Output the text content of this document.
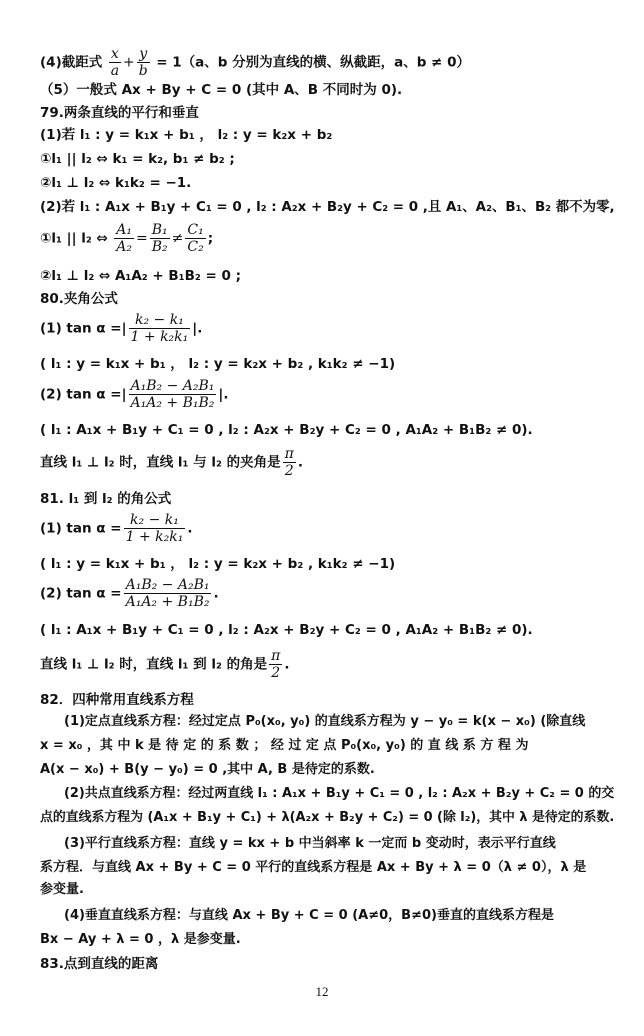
(4)截距式 $\frac{x}{a} + \frac{y}{b} = 1(a$、b 分别为直线的横、纵截距，a、b ≠ 0）
（5）一般式 Ax + By + C = 0 (其中 A、B 不同时为 0).
79.两条直线的平行和垂直
(1)若 l₁ : y = k₁x + b₁ ， l₂ : y = k₂x + b₂
①l₁ || l₂ ⇔ k₁ = k₂, b₁ ≠ b₂ ;
②l₁ ⊥ l₂ ⇔ k₁k₂ = −1.
(2)若 l₁ : A₁x + B₁y + C₁ = 0 , l₂ : A₂x + B₂y + C₂ = 0 ,且 A₁、A₂、B₁、B₂ 都不为零,
①l₁ || l₂ ⇔ $\frac{\text{A₁}}{\text{A₂}} = \frac{\text{B₁}}{\text{B₂}} \ne \frac{\text{C₁}}{\text{C₂}}$ ;
②l₁ ⊥ l₂ ⇔ A₁A₂ + B₁B₂ = 0 ;
80.夹角公式
(1) tan α =| $\frac{\text{k₂ − k₁}}{\text{1 + k₂k₁}}$ |.
( l₁ : y = k₁x + b₁ ， l₂ : y = k₂x + b₂ , k₁k₂ ≠ −1)
(2) tan α =| $\frac{\text{A₁B₂ − A₂B₁}}{\text{A₁A₂ + B₁B₂}}$ |.
( l₁ : A₁x + B₁y + C₁ = 0 , l₂ : A₂x + B₂y + C₂ = 0 , A₁A₂ + B₁B₂ ≠ 0).
直线 l₁ ⊥ l₂ 时，直线 l₁ 与 l₂ 的夹角是 $\frac{\pi}{2}$ .
81. l₁ 到 l₂ 的角公式
(1) $\tan \alpha = \frac{\text{k₂ − k₁}}{\text{1 + k₂k₁}}$ .
( l₁ : y = k₁x + b₁ ， l₂ : y = k₂x + b₂ , k₁k₂ ≠ −1)
(2) $\tan \alpha = \frac{\text{A₁B₂ − A₂B₁}}{\text{A₁A₂ + B₁B₂}}$ .
( l₁ : A₁x + B₁y + C₁ = 0 , l₂ : A₂x + B₂y + C₂ = 0 , A₁A₂ + B₁B₂ ≠ 0).
直线 l₁ ⊥ l₂ 时，直线 l₁ 到 l₂ 的角是 $\frac{\pi}{2}$ .
82．四种常用直线系方程
(1)定点直线系方程：经过定点 P₀(x₀, y₀) 的直线系方程为 y − y₀ = k(x − x₀) (除直线
x = x₀ ，其 中 k 是 待 定 的 系 数 ； 经 过 定 点 P₀(x₀, y₀) 的 直 线 系 方 程 为
A(x − x₀) + B(y − y₀) = 0 ,其中 A, B 是待定的系数.
(2)共点直线系方程：经过两直线 l₁ : A₁x + B₁y + C₁ = 0 , l₂ : A₂x + B₂y + C₂ = 0 的交
点的直线系方程为 (A₁x + B₁y + C₁) + λ(A₂x + B₂y + C₂) = 0 (除 l₂)，其中 λ 是待定的系数.
(3)平行直线系方程：直线 y = kx + b 中当斜率 k 一定而 b 变动时，表示平行直线
系方程．与直线 Ax + By + C = 0 平行的直线系方程是 Ax + By + λ = 0（λ ≠ 0），λ 是
参变量.
(4)垂直直线系方程：与直线 Ax + By + C = 0 (A≠0，B≠0)垂直的直线系方程是
Bx − Ay + λ = 0 ，λ 是参变量.
83.点到直线的距离
12
